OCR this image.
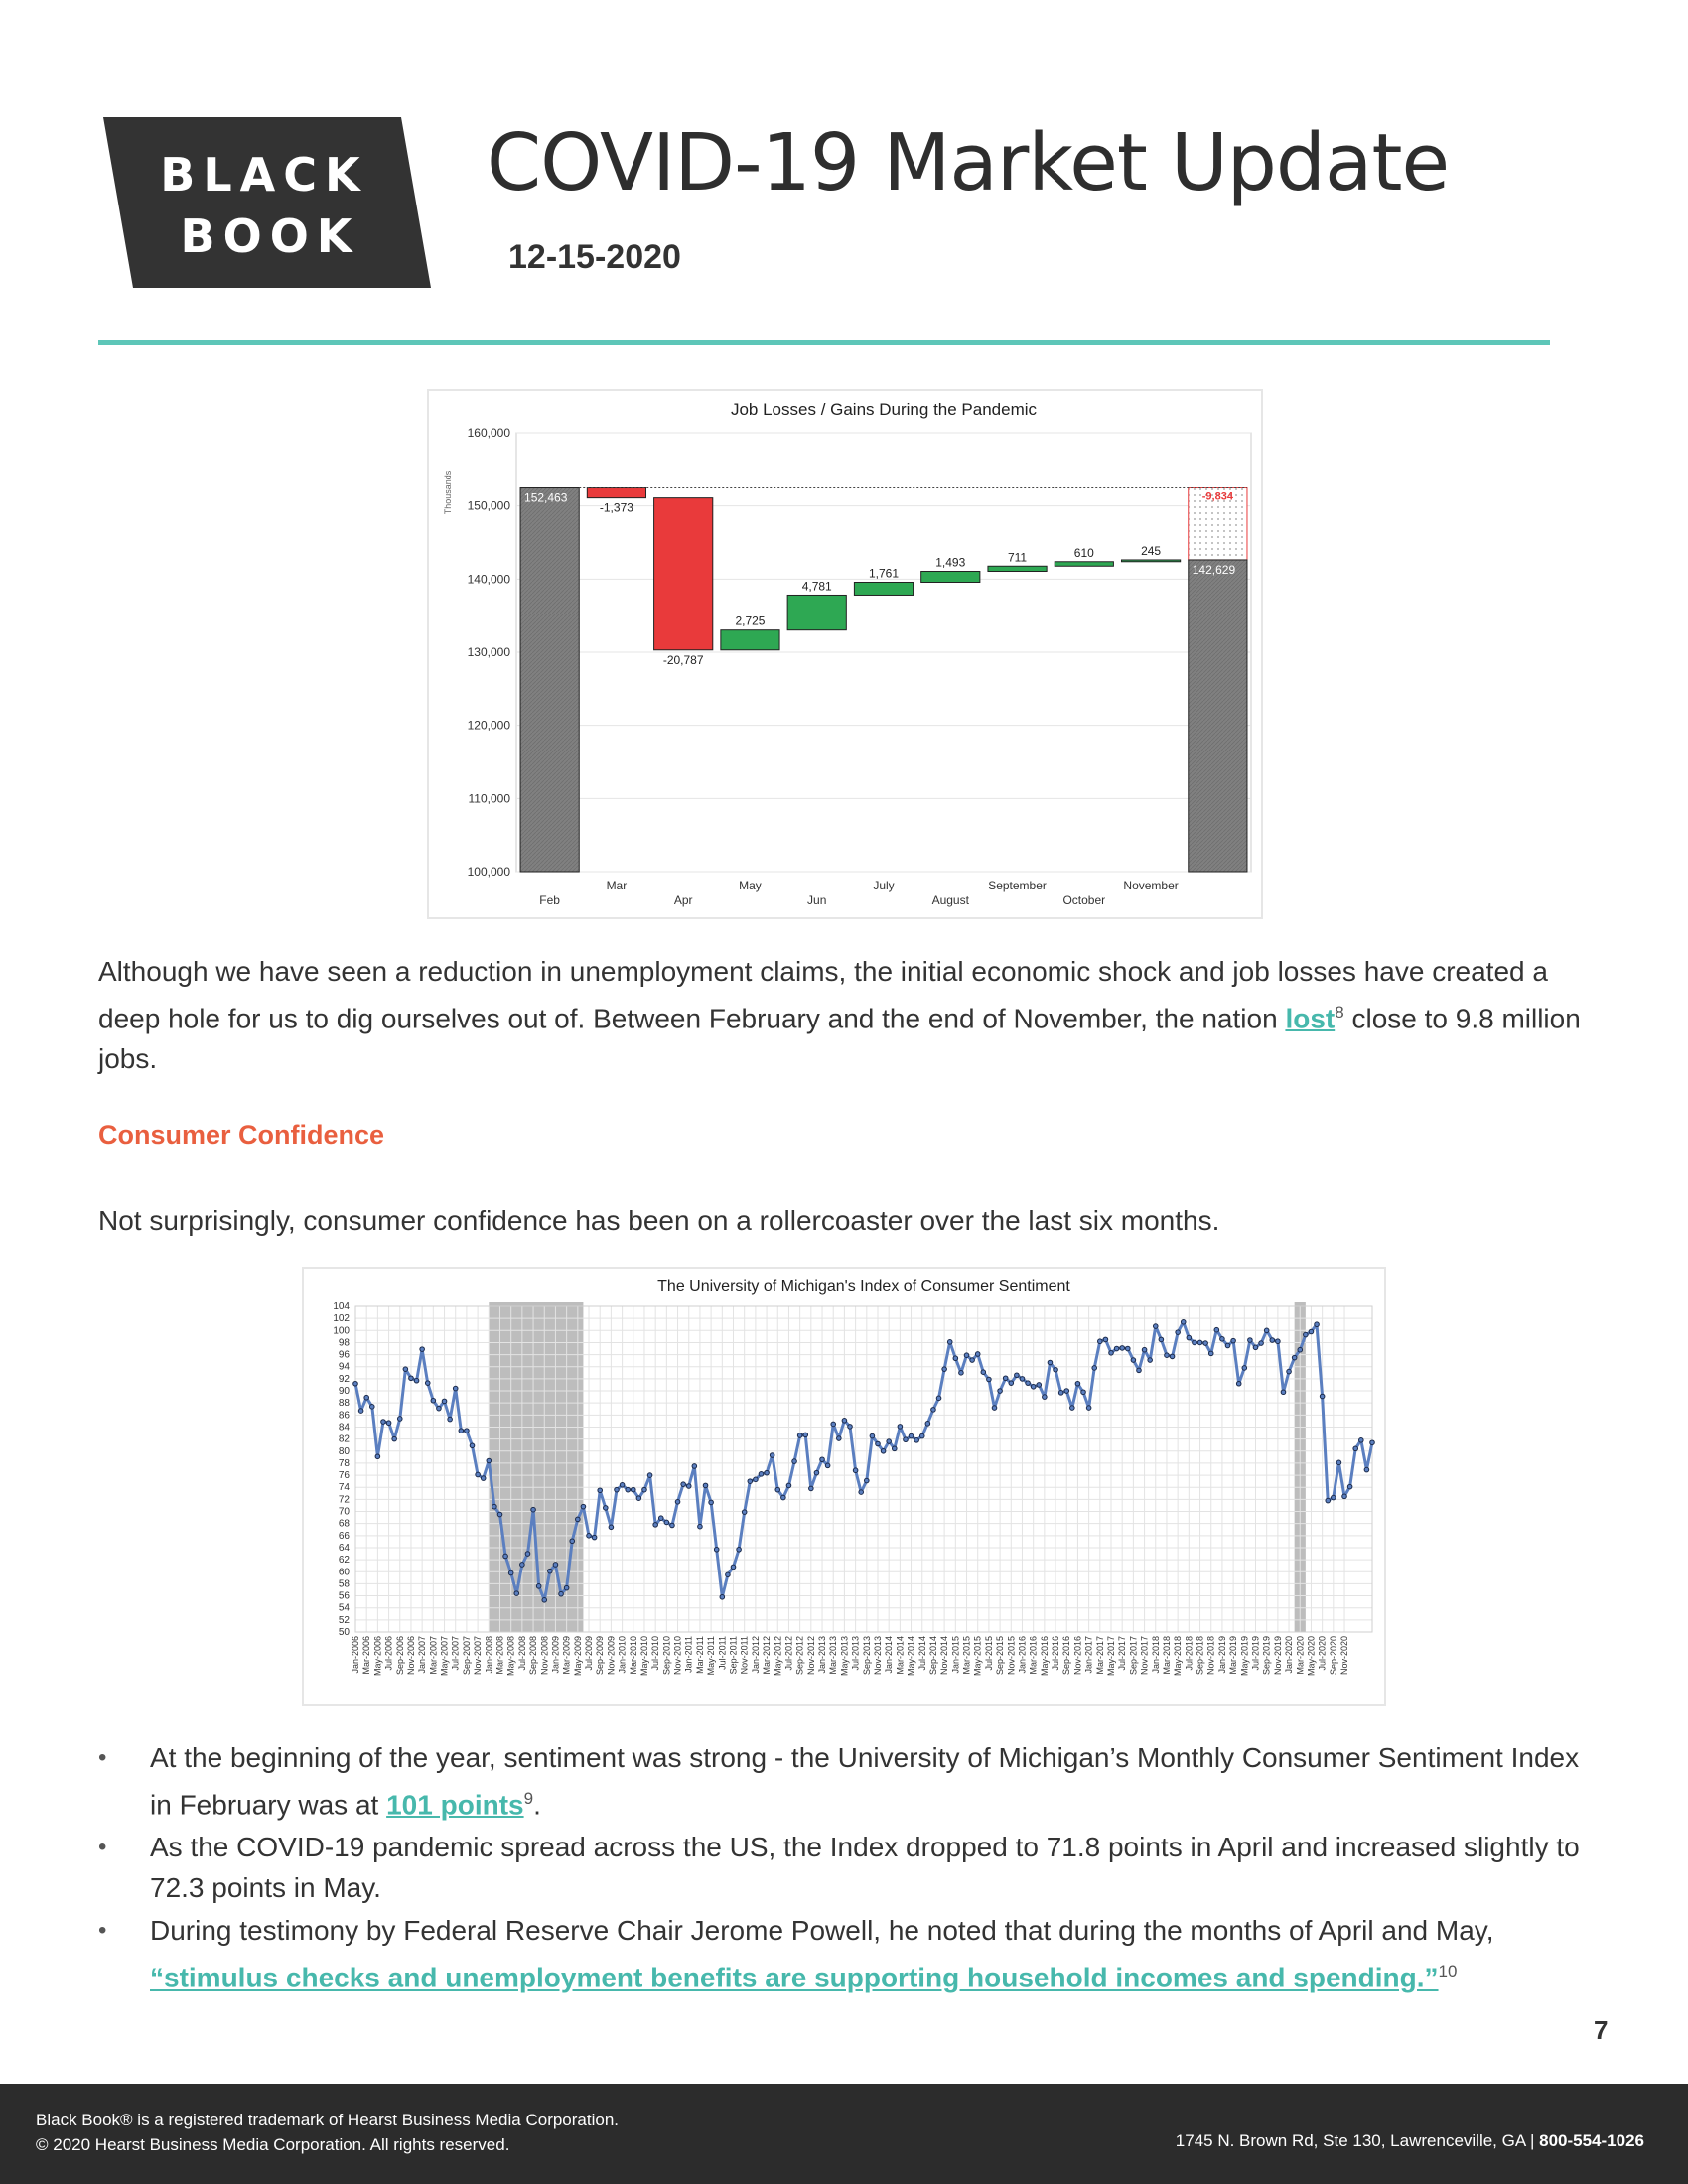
BLACK
BOOK
COVID-19 Market Update
12-15-2020
Job Losses / Gains During the Pandemic
Thousands
100,000
110,000
120,000
130,000
140,000
150,000
160,000
152,463
-1,373
-20,787
2,725
4,781
1,761
1,493	711	610	245
-9,834
142,629
Feb
Mar
Apr
May
Jun
July
August
September
October
November

Although we have seen a reduction in unemployment claims, the initial economic shock and job losses have created a deep hole for us to dig ourselves out of. Between February and the end of November, the nation lost$^8$ close to 9.8 million jobs.

Consumer Confidence

Not surprisingly, consumer confidence has been on a rollercoaster over the last six months.

The University of Michigan's Index of Consumer Sentiment
50
52
54
56
58
60
62
64
66
68
70
72
74
76
78
80
82
84
86
88
90
92
94
96
98
100
102
104
Jan-2006 Mar-2006 May-2006 Jul-2006 Sep-2006 Nov-2006 Jan-2007 Mar-2007 May-2007 Jul-2007 Sep-2007 Nov-2007 Jan-2008 Mar-2008 May-2008 Jul-2008 Sep-2008 Nov-2008 Jan-2009 Mar-2009 May-2009 Jul-2009 Sep-2009 Nov-2009 Jan-2010 Mar-2010 May-2010 Jul-2010 Sep-2010 Nov-2010 Jan-2011 Mar-2011 May-2011 Jul-2011 Sep-2011 Nov-2011 Jan-2012 Mar-2012 May-2012 Jul-2012 Sep-2012 Nov-2012 Jan-2013 Mar-2013 May-2013 Jul-2013 Sep-2013 Nov-2013 Jan-2014 Mar-2014 May-2014 Jul-2014 Sep-2014 Nov-2014 Jan-2015 Mar-2015 May-2015 Jul-2015 Sep-2015 Nov-2015 Jan-2016 Mar-2016 May-2016 Jul-2016 Sep-2016 Nov-2016 Jan-2017 Mar-2017 May-2017 Jul-2017 Sep-2017 Nov-2017 Jan-2018 Mar-2018 May-2018 Jul-2018 Sep-2018 Nov-2018 Jan-2019 Mar-2019 May-2019 Jul-2019 Sep-2019 Nov-2019 Jan-2020 Mar-2020 May-2020 Jul-2020 Sep-2020 Nov-2020
• At the beginning of the year, sentiment was strong - the University of Michigan’s Monthly Consumer Sentiment Index in February was at 101 points$^9$.
• As the COVID-19 pandemic spread across the US, the Index dropped to 71.8 points in April and increased slightly to 72.3 points in May.
• During testimony by Federal Reserve Chair Jerome Powell, he noted that during the months of April and May, “stimulus checks and unemployment benefits are supporting household incomes and spending.”$^{10}$
7
Black Book® is a registered trademark of Hearst Business Media Corporation.
© 2020 Hearst Business Media Corporation. All rights reserved.	1745 N. Brown Rd, Ste 130, Lawrenceville, GA | 800-554-1026
